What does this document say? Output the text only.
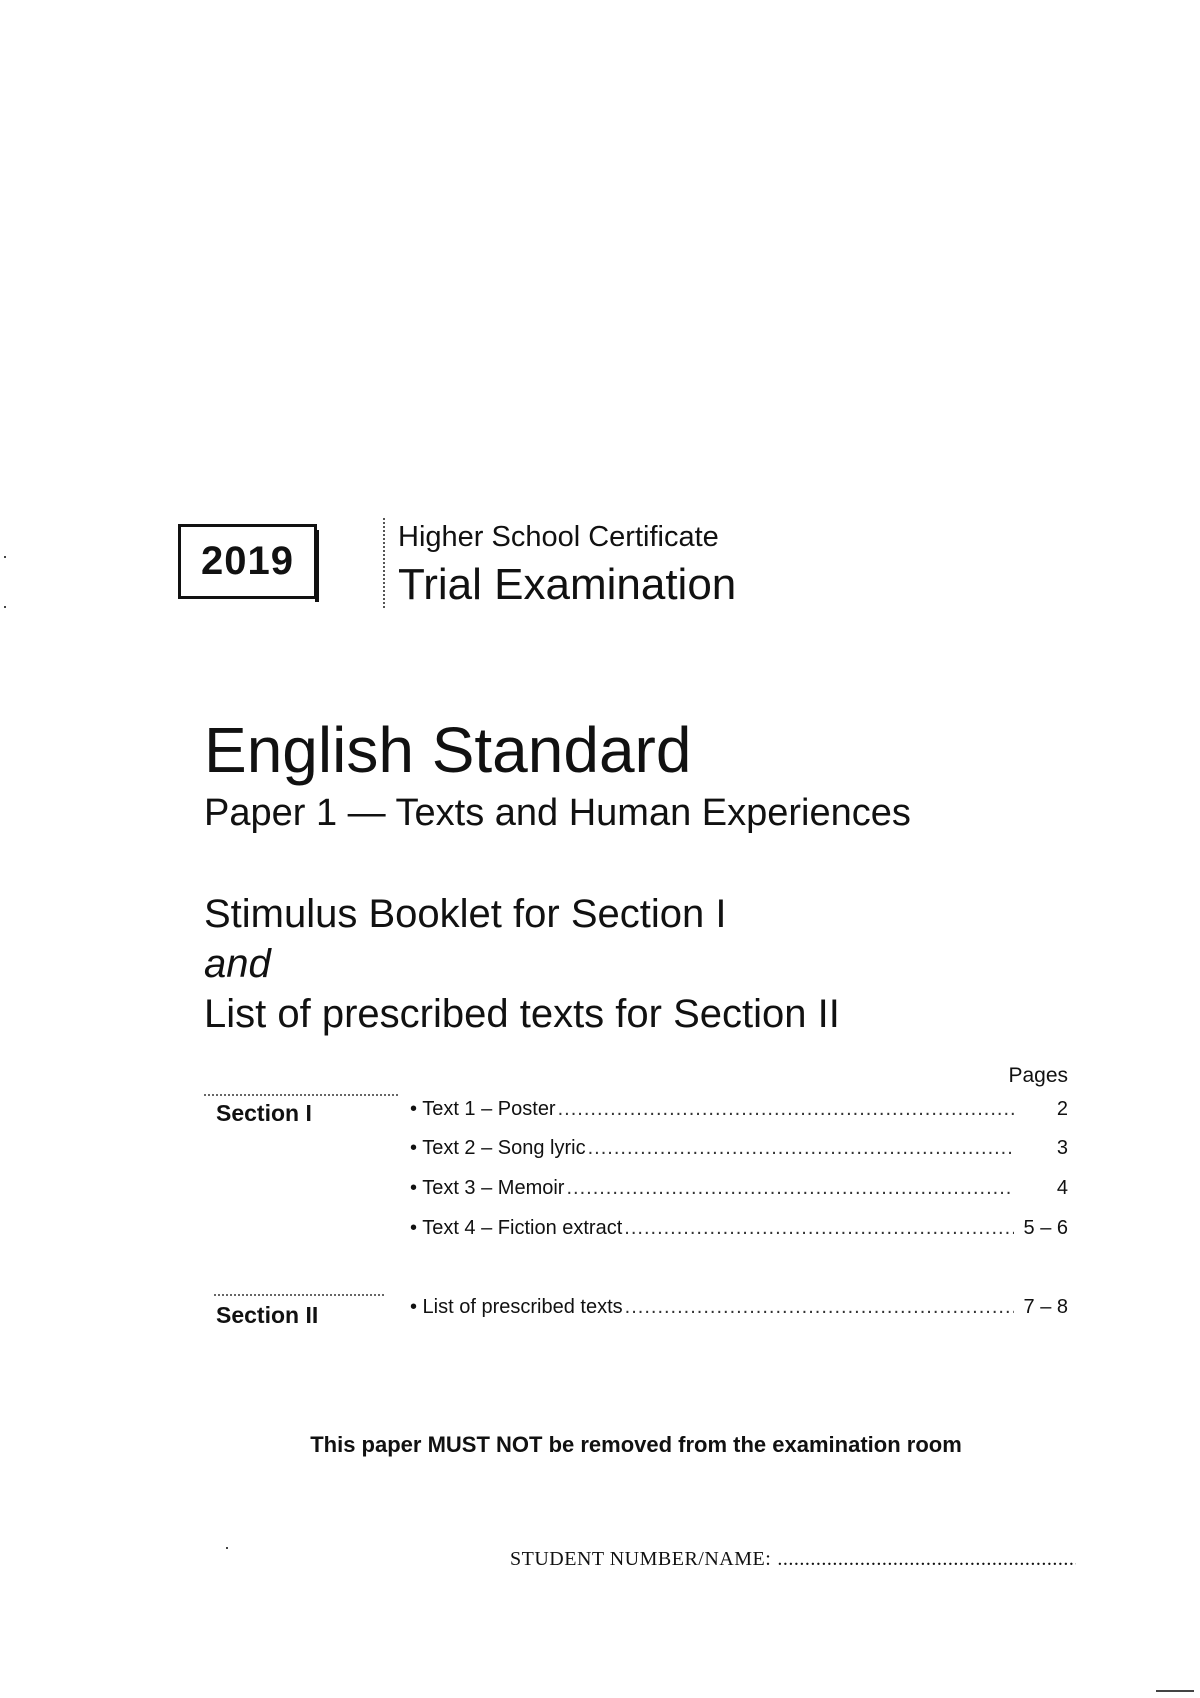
2019
Higher School Certificate
Trial Examination
English Standard
Paper 1 — Texts and Human Experiences
Stimulus Booklet for Section I
and
List of prescribed texts for Section II
Pages
Section I	• Text 1 – Poster .....	2
• Text 2 – Song lyric .....	3
• Text 3 – Memoir .....	4
• Text 4 – Fiction extract .....	5 – 6
Section II	• List of prescribed texts .....	7 – 8
This paper MUST NOT be removed from the examination room
STUDENT NUMBER/NAME:
.....
